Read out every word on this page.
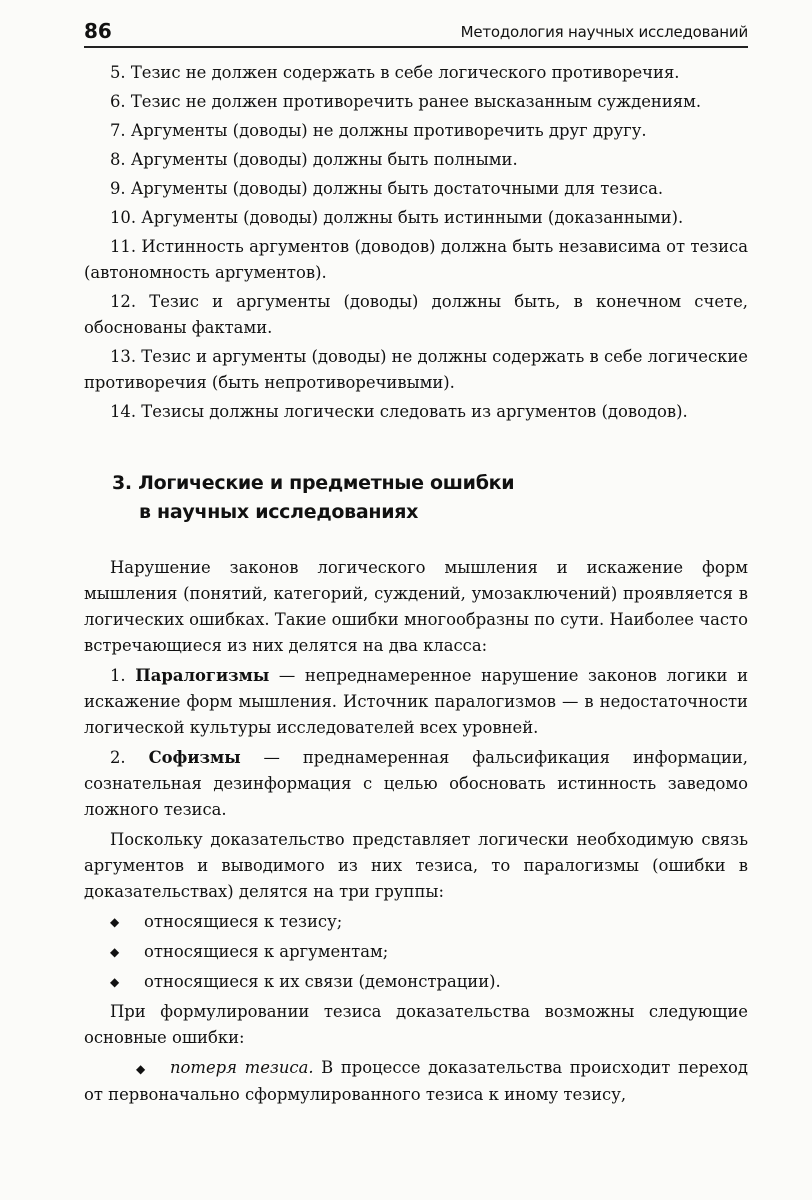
86	Методология научных исследований

5. Тезис не должен содержать в себе логического противоречия.

6. Тезис не должен противоречить ранее высказанным суждениям.

7. Аргументы (доводы) не должны противоречить друг другу.

8. Аргументы (доводы) должны быть полными.

9. Аргументы (доводы) должны быть достаточными для тезиса.

10. Аргументы (доводы) должны быть истинными (доказанными).

11. Истинность аргументов (доводов) должна быть независима от тезиса (автономность аргументов).

12. Тезис и аргументы (доводы) должны быть, в конечном счете, обоснованы фактами.

13. Тезис и аргументы (доводы) не должны содержать в себе логические противоречия (быть непротиворечивыми).

14. Тезисы должны логически следовать из аргументов (доводов).

3. Логические и предметные ошибки
в научных исследованиях

Нарушение законов логического мышления и искажение форм мышления (понятий, категорий, суждений, умозаключений) проявляется в логических ошибках. Такие ошибки многообразны по сути. Наиболее часто встречающиеся из них делятся на два класса:

1. Паралогизмы — непреднамеренное нарушение законов логики и искажение форм мышления. Источник паралогизмов — в недостаточности логической культуры исследователей всех уровней.

2. Софизмы — преднамеренная фальсификация информации, сознательная дезинформация с целью обосновать истинность заведомо ложного тезиса.

Поскольку доказательство представляет логически необходимую связь аргументов и выводимого из них тезиса, то паралогизмы (ошибки в доказательствах) делятся на три группы:

◆	относящиеся к тезису;
◆	относящиеся к аргументам;
◆	относящиеся к их связи (демонстрации).

При формулировании тезиса доказательства возможны следующие основные ошибки:

◆ потеря тезиса. В процессе доказательства происходит переход от первоначально сформулированного тезиса к иному тезису,
